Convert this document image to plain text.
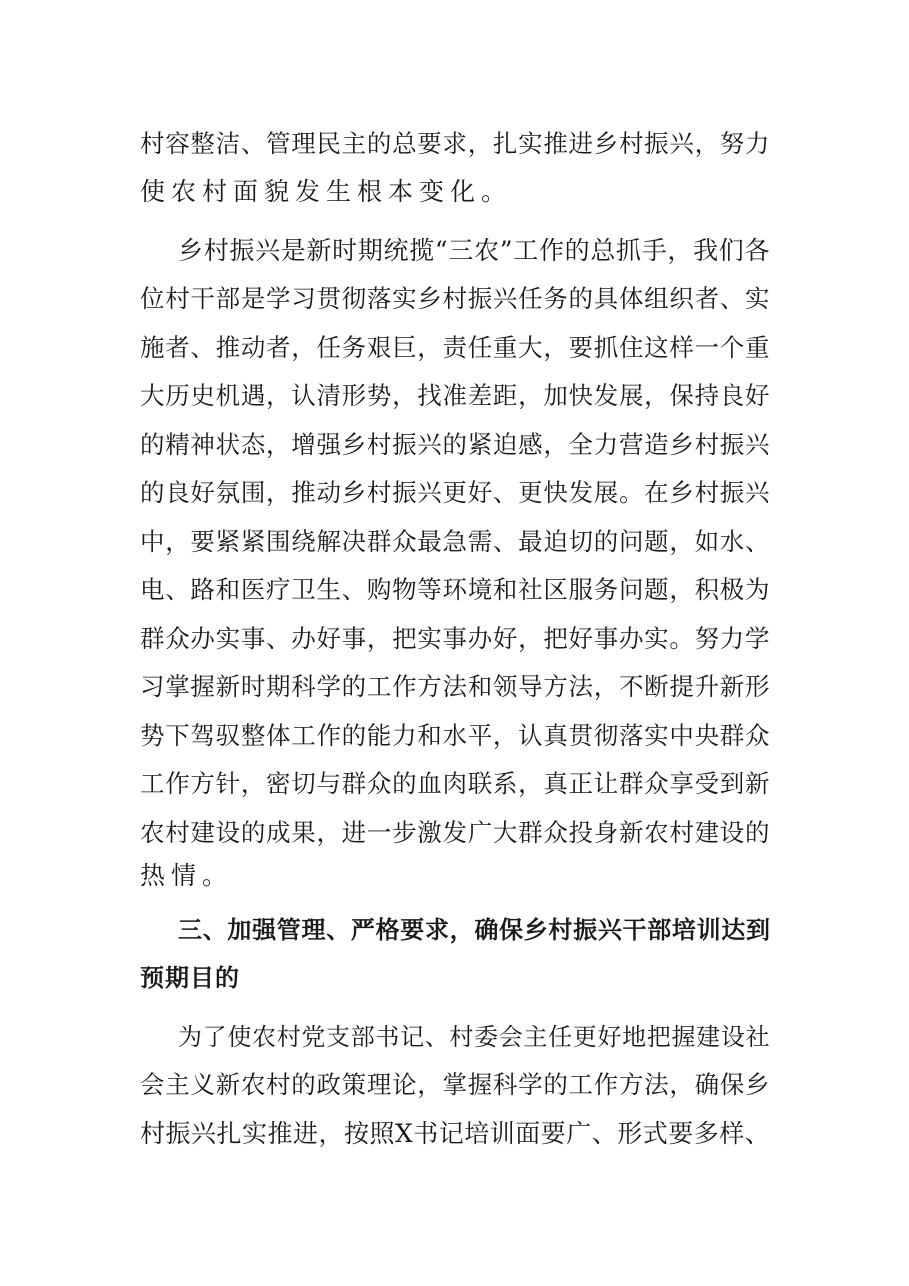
村容整洁、管理民主的总要求，扎实推进乡村振兴，努力
使农村面貌发生根本变化。
乡村振兴是新时期统揽“三农”工作的总抓手，我们各
位村干部是学习贯彻落实乡村振兴任务的具体组织者、实
施者、推动者，任务艰巨，责任重大，要抓住这样一个重
大历史机遇，认清形势，找准差距，加快发展，保持良好
的精神状态，增强乡村振兴的紧迫感，全力营造乡村振兴
的良好氛围，推动乡村振兴更好、更快发展。在乡村振兴
中，要紧紧围绕解决群众最急需、最迫切的问题，如水、
电、路和医疗卫生、购物等环境和社区服务问题，积极为
群众办实事、办好事，把实事办好，把好事办实。努力学
习掌握新时期科学的工作方法和领导方法，不断提升新形
势下驾驭整体工作的能力和水平，认真贯彻落实中央群众
工作方针，密切与群众的血肉联系，真正让群众享受到新
农村建设的成果，进一步激发广大群众投身新农村建设的
热情。
三、加强管理、严格要求，确保乡村振兴干部培训达到
预期目的
为了使农村党支部书记、村委会主任更好地把握建设社
会主义新农村的政策理论，掌握科学的工作方法，确保乡
村振兴扎实推进，按照X书记培训面要广、形式要多样、
